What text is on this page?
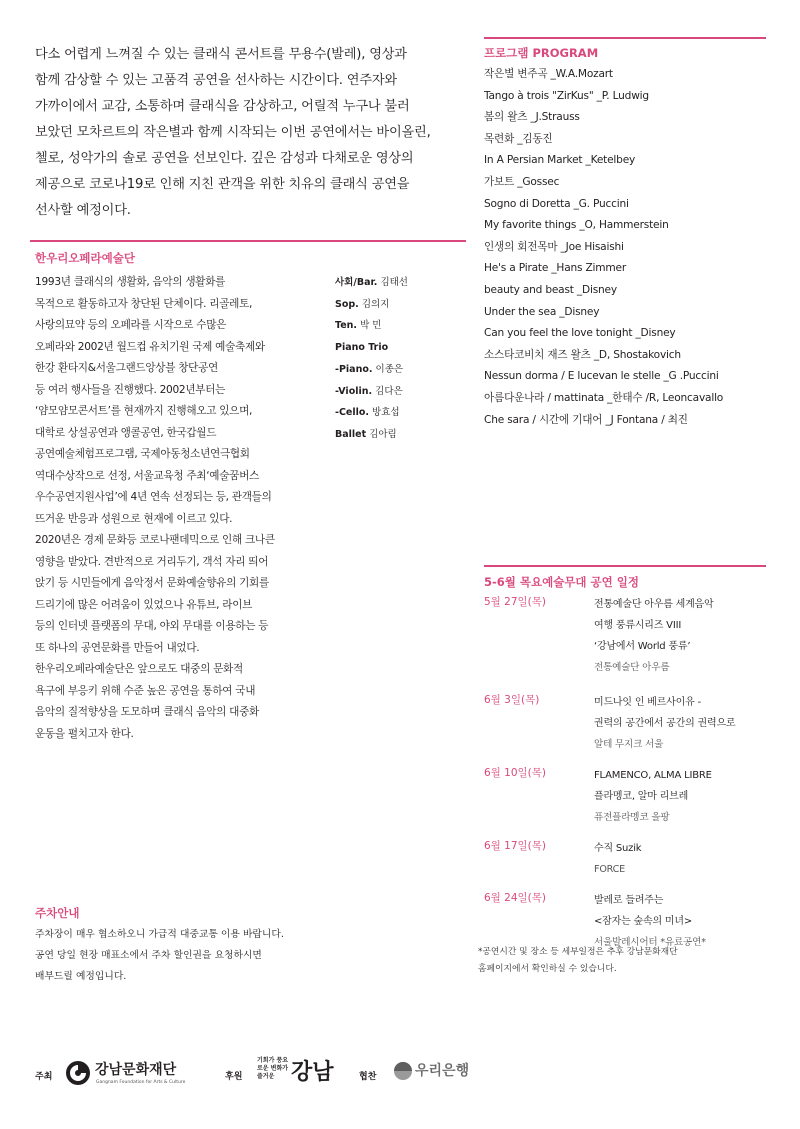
다소 어렵게 느껴질 수 있는 클래식 콘서트를 무용수(발레), 영상과
함께 감상할 수 있는 고품격 공연을 선사하는 시간이다. 연주자와
가까이에서 교감, 소통하며 클래식을 감상하고, 어릴적 누구나 불러
보았던 모차르트의 작은별과 함께 시작되는 이번 공연에서는 바이올린,
첼로, 성악가의 솔로 공연을 선보인다. 깊은 감성과 다채로운 영상의
제공으로 코로나19로 인해 지친 관객을 위한 치유의 클래식 공연을
선사할 예정이다.
프로그램 PROGRAM
작은별 변주곡 _W.A.Mozart
Tango à trois "ZirKus" _P. Ludwig
봄의 왈츠 _J.Strauss
목련화 _김동진
In A Persian Market _Ketelbey
가보트 _Gossec
Sogno di Doretta _G. Puccini
My favorite things _O, Hammerstein
인생의 회전목마 _Joe Hisaishi
He's a Pirate _Hans Zimmer
beauty and beast _Disney
Under the sea _Disney
Can you feel the love tonight _Disney
소스타코비치 재즈 왈츠 _D, Shostakovich
Nessun dorma / E lucevan le stelle _G .Puccini
아름다운나라 / mattinata _한태수 /R, Leoncavallo
Che sara / 시간에 기대어 _J Fontana / 최진
한우리오페라예술단
1993년 클래식의 생활화, 음악의 생활화를
목적으로 활동하고자 창단된 단체이다. 리골레토,
사랑의묘약 등의 오페라를 시작으로 수많은
오페라와 2002년 월드컵 유치기원 국제 예술축제와
한강 환타지&서울그랜드앙상블 창단공연
등 여러 행사들을 진행했다. 2002년부터는
‘얌모얌모콘서트’를 현재까지 진행해오고 있으며,
대학로 상설공연과 앵콜공연, 한국갑월드
공연예술체험프로그램, 국제아동청소년연극협회
역대수상작으로 선정, 서울교육청 주최‘예술꿈버스
우수공연지원사업’에 4년 연속 선정되는 등, 관객들의
뜨거운 반응과 성원으로 현재에 이르고 있다.
2020년은 경제 문화등 코로나팬데믹으로 인해 크나큰
영향을 받았다. 견반적으로 거리두기, 객석 자리 띄어
앉기 등 시민들에게 음악정서 문화예술향유의 기회를
드리기에 많은 어려움이 있었으나 유튜브, 라이브
등의 인터넷 플랫폼의 무대, 야외 무대를 이용하는 등
또 하나의 공연문화를 만들어 내었다.
한우리오페라예술단은 앞으로도 대중의 문화적
욕구에 부응키 위해 수준 높은 공연을 통하여 국내
음악의 질적향상을 도모하며 클래식 음악의 대중화
운동을 펼치고자 한다.
사회/Bar. 김태선
Sop. 김의지
Ten. 박 민
Piano Trio
-Piano. 이종은
-Violin. 김다은
-Cello. 방효섭
Ballet 김아림
5-6월 목요예술무대 공연 일정
5월 27일(목)	전통예술단 아우름 세계음악
여행 풍류시리즈 VIII
‘강남에서 World 풍류’
전통예술단 아우름
6월 3일(목)	미드나잇 인 베르사이유 -
권력의 공간에서 공간의 권력으로
알테 무지크 서울
6월 10일(목)	FLAMENCO, ALMA LIBRE
플라멩코, 알마 리브레
퓨전플라멩코 올팡
6월 17일(목)	수직 Suzik
FORCE
6월 24일(목)	발레로 들려주는
<잠자는 숲속의 미녀>
서울발레시어터 *유료공연*
*공연시간 및 장소 등 세부일정은 추후 강남문화재단
홈페이지에서 확인하실 수 있습니다.
주차안내
주차장이 매우 협소하오니 가급적 대중교통 이용 바랍니다.
공연 당일 현장 매표소에서 주차 할인권을 요청하시면
배부드릴 예정입니다.
주최	강남문화재단
Gangnam Foundation for Arts & Culture
후원
기회가 풍요로운 변화가 즐거운 강남	협찬	우리은행
